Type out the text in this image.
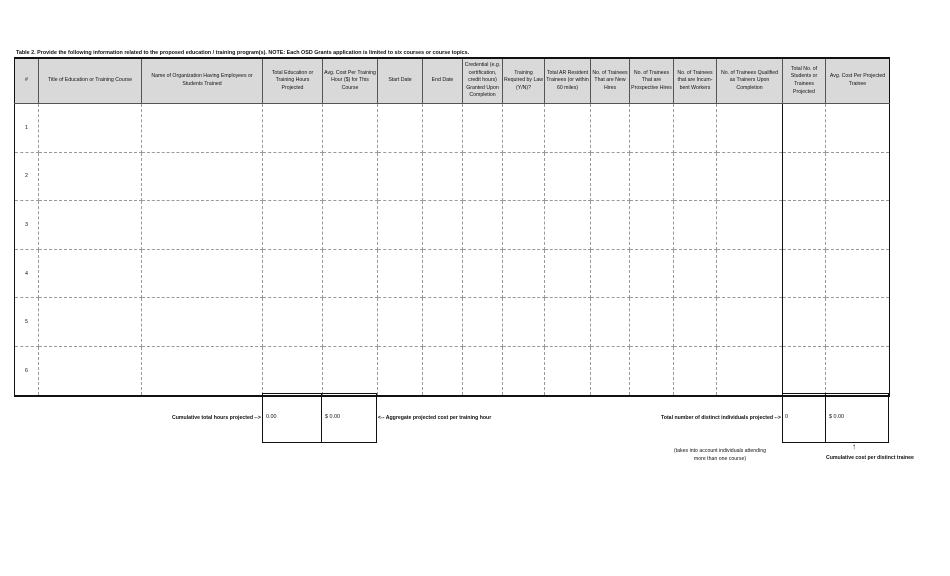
Table 2. Provide the following information related to the proposed education / training program(s). NOTE: Each OSD Grants application is limited to six courses or course topics.
#	Title of Education or Training Course	Name of Organization Having Employees or Students Trained	Total Education or Training Hours Projected	Avg. Cost Per Training Hour ($) for This Course	Start Date	End Date	Credential (e.g. certification, credit hours) Granted Upon Completion	Training Required by Law (Y/N)?	Total AR Resident Trainees (or within 60 miles)	No. of Trainees That are New Hires	No. of Trainees That are Prospective Hires	No. of Trainees that are Incum-bent Workers	No. of Trainees Qualified as Trainers Upon Completion	Total No. of Students or Trainees Projected	Avg. Cost Per Projected Trainee
1															
2															
3															
4															
5															
6															
Cumulative total hours projected --> 0.00	$ 0.00	<-- Aggregate projected cost per training hour	Total number of distinct individuals projected --> 0	$ 0.00
(takes into account individuals attending
more than one course)
↑
Cumulative cost per distinct trainee
